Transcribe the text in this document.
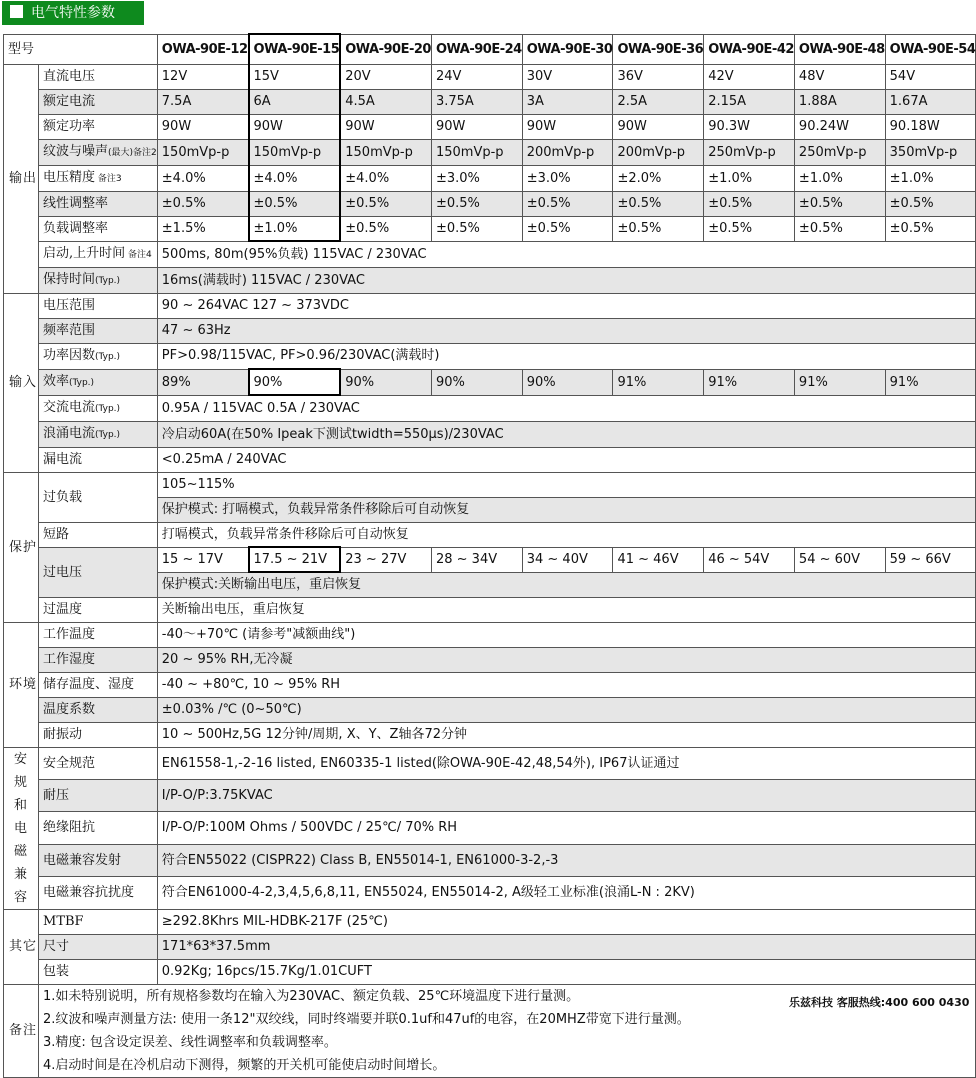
电气特性参数
型号		OWA-90E-12	OWA-90E-15	OWA-90E-20	OWA-90E-24	OWA-90E-30	OWA-90E-36	OWA-90E-42	OWA-90E-48	OWA-90E-54
输出	直流电压	12V	15V	20V	24V	30V	36V	42V	48V	54V
	额定电流	7.5A	6A	4.5A	3.75A	3A	2.5A	2.15A	1.88A	1.67A
	额定功率	90W	90W	90W	90W	90W	90W	90.3W	90.24W	90.18W
	纹波与噪声(最大)备注2	150mVp-p	150mVp-p	150mVp-p	150mVp-p	200mVp-p	200mVp-p	250mVp-p	250mVp-p	350mVp-p
	电压精度 备注3	±4.0%	±4.0%	±4.0%	±3.0%	±3.0%	±2.0%	±1.0%	±1.0%	±1.0%
	线性调整率	±0.5%	±0.5%	±0.5%	±0.5%	±0.5%	±0.5%	±0.5%	±0.5%	±0.5%
	负载调整率	±1.5%	±1.0%	±0.5%	±0.5%	±0.5%	±0.5%	±0.5%	±0.5%	±0.5%
	启动,上升时间 备注4	500ms, 80m(95%负载) 115VAC / 230VAC								
	保持时间(Typ.)	16ms(满载时) 115VAC / 230VAC								
输入	电压范围	90 ~ 264VAC 127 ~ 373VDC								
	频率范围	47 ~ 63Hz								
	功率因数(Typ.)	PF>0.98/115VAC, PF>0.96/230VAC(满载时)								
	效率(Typ.)	89%	90%	90%	90%	90%	91%	91%	91%	91%
	交流电流(Typ.)	0.95A / 115VAC 0.5A / 230VAC								
	浪涌电流(Typ.)	冷启动60A(在50% Ipeak下测试twidth=550μs)/230VAC								
	漏电流	<0.25mA / 240VAC								
保护	过负载	105~115%								
		保护模式: 打嗝模式，负载异常条件移除后可自动恢复								
	短路	打嗝模式，负载异常条件移除后可自动恢复								
	过电压	15 ~ 17V	17.5 ~ 21V	23 ~ 27V	28 ~ 34V	34 ~ 40V	41 ~ 46V	46 ~ 54V	54 ~ 60V	59 ~ 66V
		保护模式:关断输出电压，重启恢复								
	过温度	关断输出电压，重启恢复								
环境	工作温度	-40～+70℃ (请参考"减额曲线")								
	工作湿度	20 ~ 95% RH,无冷凝								
	储存温度、湿度	-40 ~ +80℃, 10 ~ 95% RH								
	温度系数	±0.03% /℃ (0~50℃)								
	耐振动	10 ~ 500Hz,5G 12分钟/周期, X、Y、Z轴各72分钟								
安规和电磁兼容	安全规范	EN61558-1,-2-16 listed, EN60335-1 listed(除OWA-90E-42,48,54外), IP67认证通过								
	耐压	I/P-O/P:3.75KVAC								
	绝缘阻抗	I/P-O/P:100M Ohms / 500VDC / 25℃/ 70% RH								
	电磁兼容发射	符合EN55022 (CISPR22) Class B, EN55014-1, EN61000-3-2,-3								
	电磁兼容抗扰度	符合EN61000-4-2,3,4,5,6,8,11, EN55024, EN55014-2, A级轻工业标准(浪涌L-N : 2KV)								
其它	MTBF	≥292.8Khrs MIL-HDBK-217F (25℃)								
	尺寸	171*63*37.5mm								
	包装	0.92Kg; 16pcs/15.7Kg/1.01CUFT								
备注	1.如未特别说明，所有规格参数均在输入为230VAC、额定负载、25℃环境温度下进行量测。
2.纹波和噪声测量方法: 使用一条12"双绞线，同时终端要并联0.1uf和47uf的电容，在20MHZ带宽下进行量测。
3.精度: 包含设定误差、线性调整率和负载调整率。
4.启动时间是在冷机启动下测得，频繁的开关机可能使启动时间增长。
乐兹科技 客服热线:400 600 0430									
